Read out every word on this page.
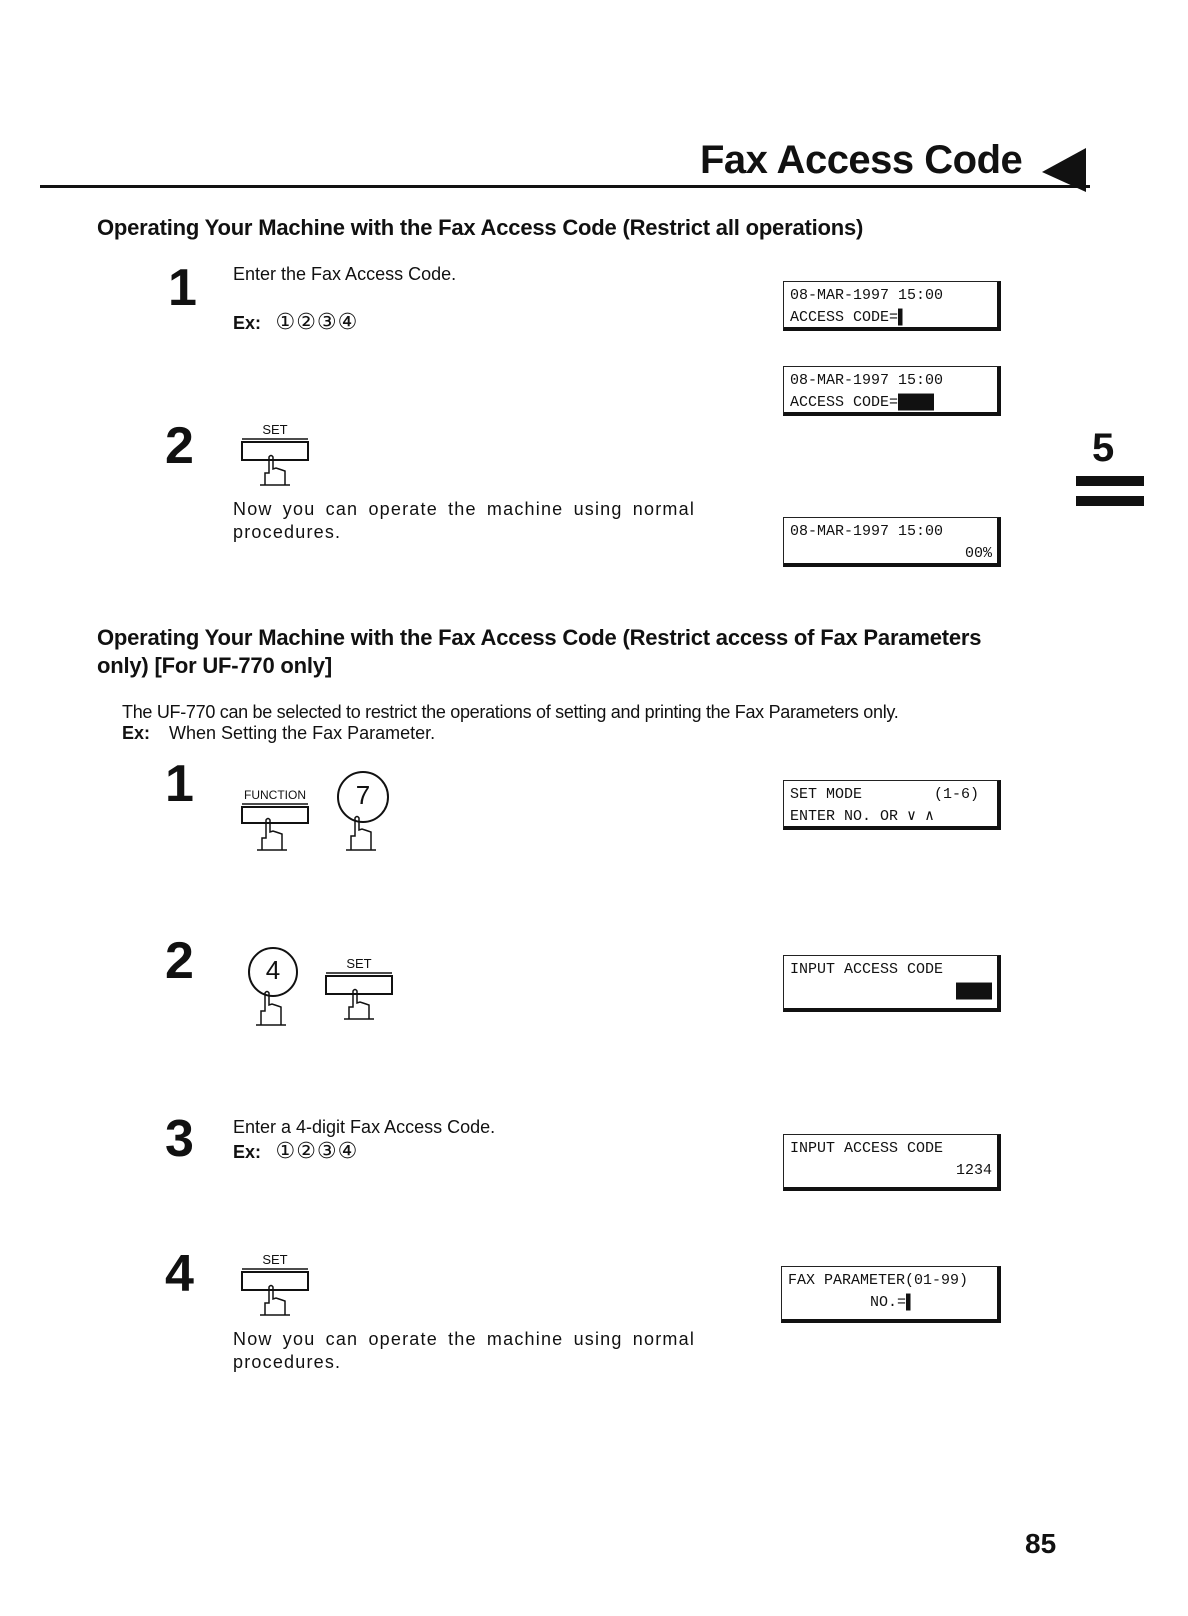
Fax Access Code
5
Operating Your Machine with the Fax Access Code (Restrict all operations)
1 Enter the Fax Access Code.
Ex: ①②③④
08-MAR-1997 15:00
ACCESS CODE=▌
08-MAR-1997 15:00
ACCESS CODE=████
2	SET
Now you can operate the machine using normal procedures.	08-MAR-1997 15:00
00%
Operating Your Machine with the Fax Access Code (Restrict access of Fax Parameters
only) [For UF-770 only]
The UF-770 can be selected to restrict the operations of setting and printing the Fax Parameters only.
Ex: When Setting the Fax Parameter.
1	FUNCTION	7	SET MODE        (1-6)
ENTER NO. OR ∨ ∧
2	4	SET	INPUT ACCESS CODE
████
3 Enter a 4-digit Fax Access Code.
Ex: ①②③④	INPUT ACCESS CODE
1234
4	SET
Now you can operate the machine using normal procedures.
FAX PARAMETER(01-99)
NO.=▌
85
